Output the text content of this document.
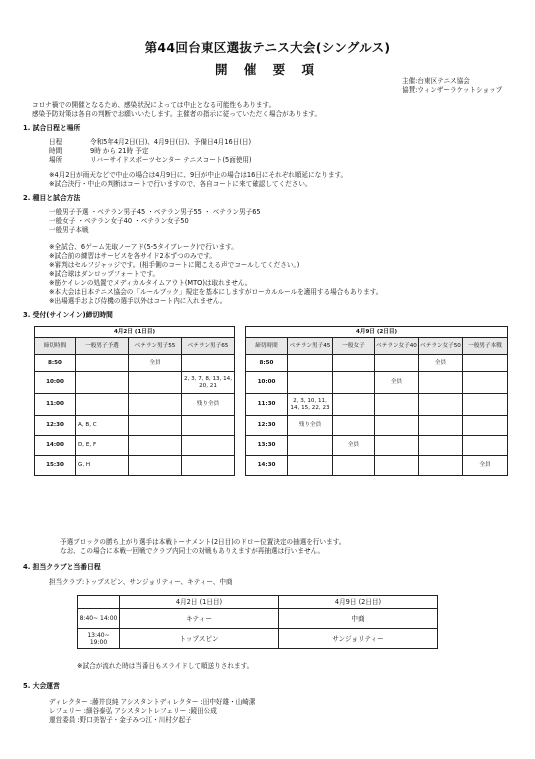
第44回台東区選抜テニス大会(シングルス)
開 催 要 項
主催:台東区テニス協会
協賛:ウィンザーラケットショップ
コロナ禍での開催となるため、感染状況によっては中止となる可能性もあります。
感染予防対策は各自の判断でお願いいたします。主催者の指示に従っていただく場合があります。
1. 試合日程と場所
日程	令和5年4月2日(日)、4月9日(日)、予備日4月16日(日)
時間	9時 から 21時 予定
場所	リバーサイドスポーツセンター テニスコート(5面使用)
※4月2日が雨天などで中止の場合は4月9日に、9日が中止の場合は16日にそれぞれ順延になります。
※試合決行・中止の判断はコートで行いますので、各自コートに来て確認してください。
2. 種目と試合方法
一般男子予選 ・ベテラン男子45 ・ベテラン男子55 ・ ベテラン男子65
一般女子 ・ベテラン女子40 ・ベテラン女子50
一般男子本戦
※全試合、6ゲーム先取ノーアド(5-5タイブレーク)で行います。
※試合前の練習はサービスを各サイド2本ずつのみです。
※審判はセルフジャッジです。(相手側のコートに聞こえる声でコールしてください。)
※試合球はダンロップフォートです。
※筋ケイレンの処置でメディカルタイムアウト(MTO)は取れません。
※本大会は日本テニス協会の「ルールブック」規定を基本にしますがローカルルールを適用する場合もあります。
※出場選手および侍機の選手以外はコート内に入れません。
3. 受付(サインイン)締切時間
4月2日 (1日目)			
締切時間	一般男子予選	ベテラン男子55	ベテラン男子65
8:50		全員	
10:00			2, 3, 7, 8, 13, 14, 20, 21
11:00			残り全員
12:30	A, B, C		
14:00	D, E, F		
15:30	G, H		
4月9日 (2日目)					
締切時間	ベテラン男子45	一般女子	ベテラン女子40	ベテラン女子50	一般男子本戦
8:50				全員	
10:00			全員		
11:30	2, 3, 10, 11, 14, 15, 22, 23				
12:30	残り全員				
13:30		全員			
14:30					全員
予選ブロックの勝ち上がり選手は本戦トーナメント(2日目)のドロー位置決定の抽選を行います。
なお、この場合に本戦一回戦でクラブ内同士の対戦もありえますが再抽選は行いません。
4. 担当クラブと当番日程
担当クラブ:トップスピン、サンジョリティー、キティー、中商
	4月2日 (1日目)	4月9日 (2日目)
8:40~ 14:00	キティー	中商
13:40~ 19:00	トップスピン	サンジョリティー
※試合が流れた時は当番日もスライドして順送りされます。
5. 大会運営
ディレクター :藤井良純 アシスタントディレクター :田中好雄・山崎潔
レフェリー :細谷泰弘 アシスタントレフェリー :鏡田公成
運営委員 :野口美智子・金子みつ江・川村夕起子
